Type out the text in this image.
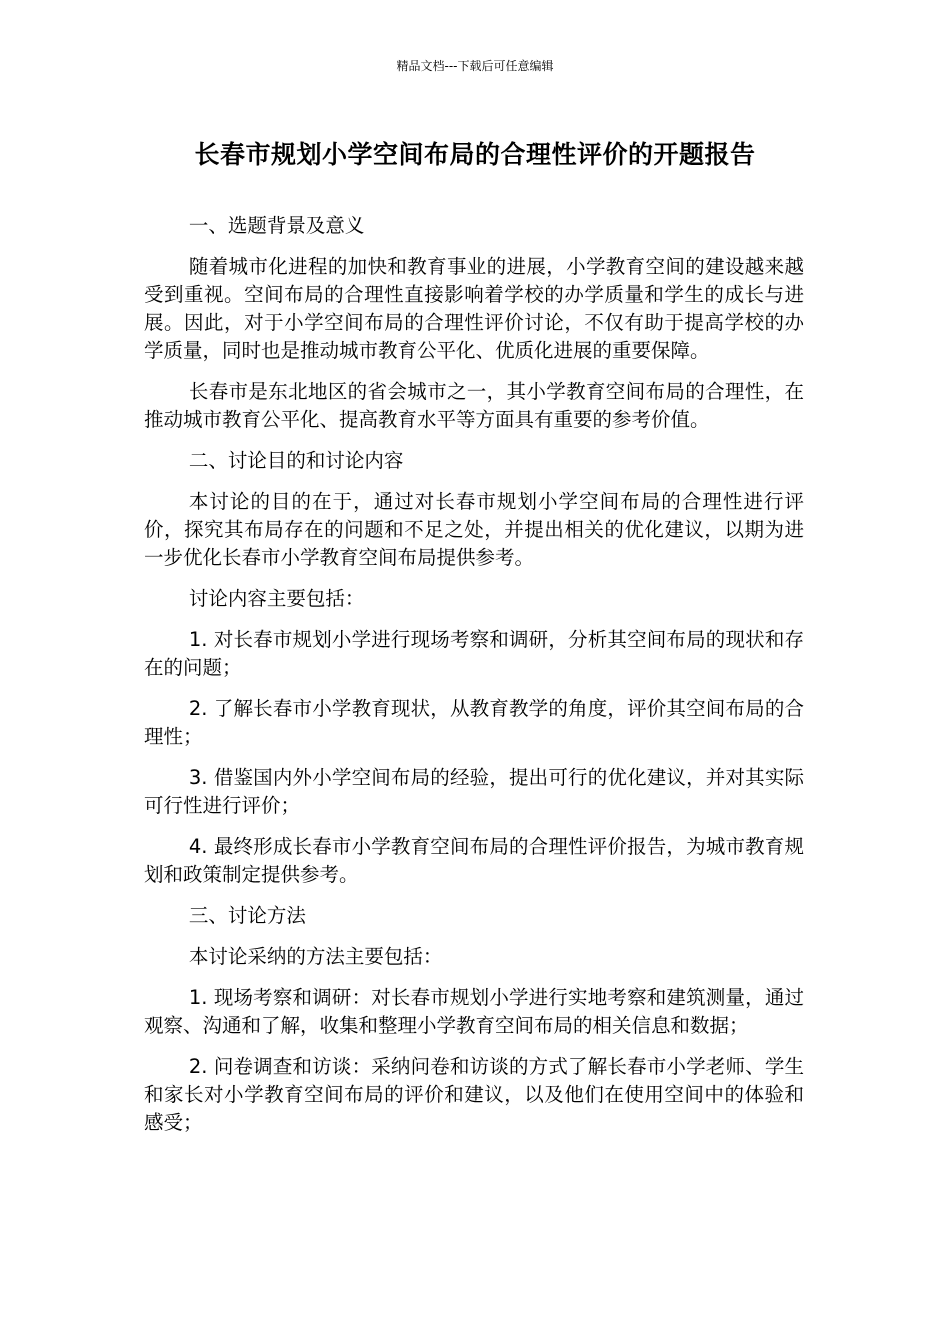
精品文档---下载后可任意编辑
长春市规划小学空间布局的合理性评价的开题报告

一、选题背景及意义

随着城市化进程的加快和教育事业的进展，小学教育空间的建设越来越受到重视。空间布局的合理性直接影响着学校的办学质量和学生的成长与进展。因此，对于小学空间布局的合理性评价讨论，不仅有助于提高学校的办学质量，同时也是推动城市教育公平化、优质化进展的重要保障。

长春市是东北地区的省会城市之一，其小学教育空间布局的合理性，在推动城市教育公平化、提高教育水平等方面具有重要的参考价值。

二、讨论目的和讨论内容

本讨论的目的在于，通过对长春市规划小学空间布局的合理性进行评价，探究其布局存在的问题和不足之处，并提出相关的优化建议，以期为进一步优化长春市小学教育空间布局提供参考。

讨论内容主要包括：

1. 对长春市规划小学进行现场考察和调研，分析其空间布局的现状和存在的问题；

2. 了解长春市小学教育现状，从教育教学的角度，评价其空间布局的合理性；

3. 借鉴国内外小学空间布局的经验，提出可行的优化建议，并对其实际可行性进行评价；

4. 最终形成长春市小学教育空间布局的合理性评价报告，为城市教育规划和政策制定提供参考。

三、讨论方法

本讨论采纳的方法主要包括：

1. 现场考察和调研：对长春市规划小学进行实地考察和建筑测量，通过观察、沟通和了解，收集和整理小学教育空间布局的相关信息和数据；

2. 问卷调查和访谈：采纳问卷和访谈的方式了解长春市小学老师、学生和家长对小学教育空间布局的评价和建议，以及他们在使用空间中的体验和感受；
